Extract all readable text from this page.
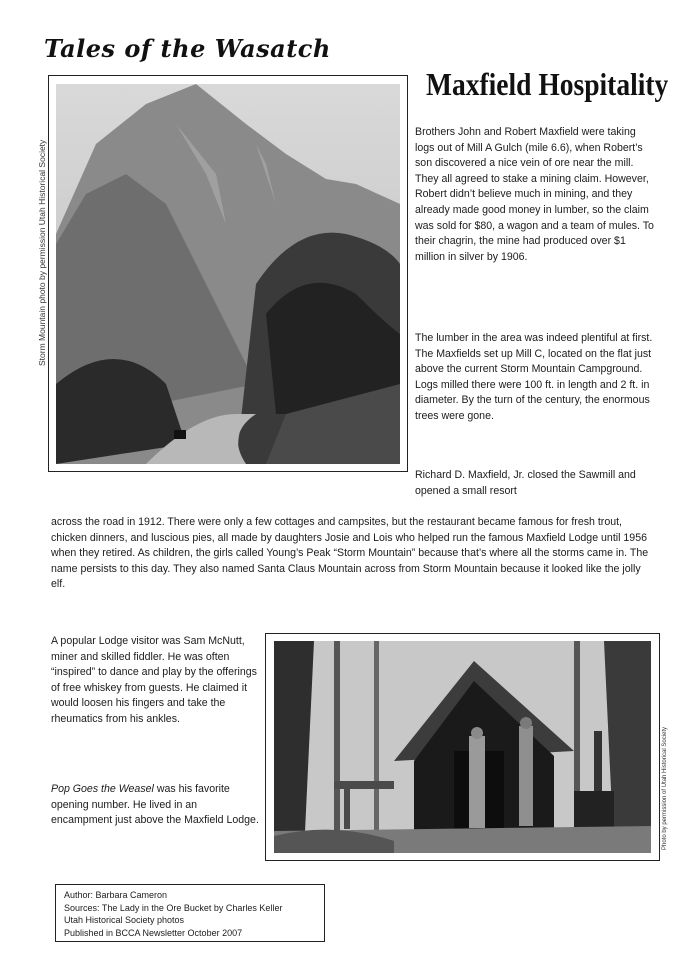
Tales of the Wasatch
Maxfield Hospitality
Storm Mountain photo by permission Utah Historical Society
Brothers John and Robert Maxfield were taking logs out of Mill A Gulch (mile 6.6), when Robert’s son discovered a nice vein of ore near the mill. They all agreed to stake a mining claim. However, Robert didn’t believe much in mining, and they already made good money in lumber, so the claim was sold for $80, a wagon and a team of mules. To their chagrin, the mine had produced over $1 million in silver by 1906.
The lumber in the area was indeed plentiful at first. The Maxfields set up Mill C, located on the flat just above the current Storm Mountain Campground. Logs milled there were 100 ft. in length and 2 ft. in diameter. By the turn of the century, the enormous trees were gone.
Richard D. Maxfield, Jr. closed the Sawmill and opened a small resort
across the road in 1912. There were only a few cottages and campsites, but the restaurant became famous for fresh trout, chicken dinners, and luscious pies, all made by daughters Josie and Lois who helped run the famous Maxfield Lodge until 1956 when they retired. As children, the girls called Young’s Peak “Storm Mountain” because that’s where all the storms came in. The name persists to this day. They also named Santa Claus Mountain across from Storm Mountain because it looked like the jolly elf.
A popular Lodge visitor was Sam McNutt, miner and skilled fiddler. He was often “inspired” to dance and play by the offerings of free whiskey from guests. He claimed it would loosen his fingers and take the rheumatics from his ankles.
Pop Goes the Weasel was his favorite opening number. He lived in an encampment just above the Maxfield Lodge.	Photo by permission of Utah Historical Society
Author: Barbara Cameron
Sources: The Lady in the Ore Bucket by Charles Keller
Utah Historical Society photos
Published in BCCA Newsletter October 2007
